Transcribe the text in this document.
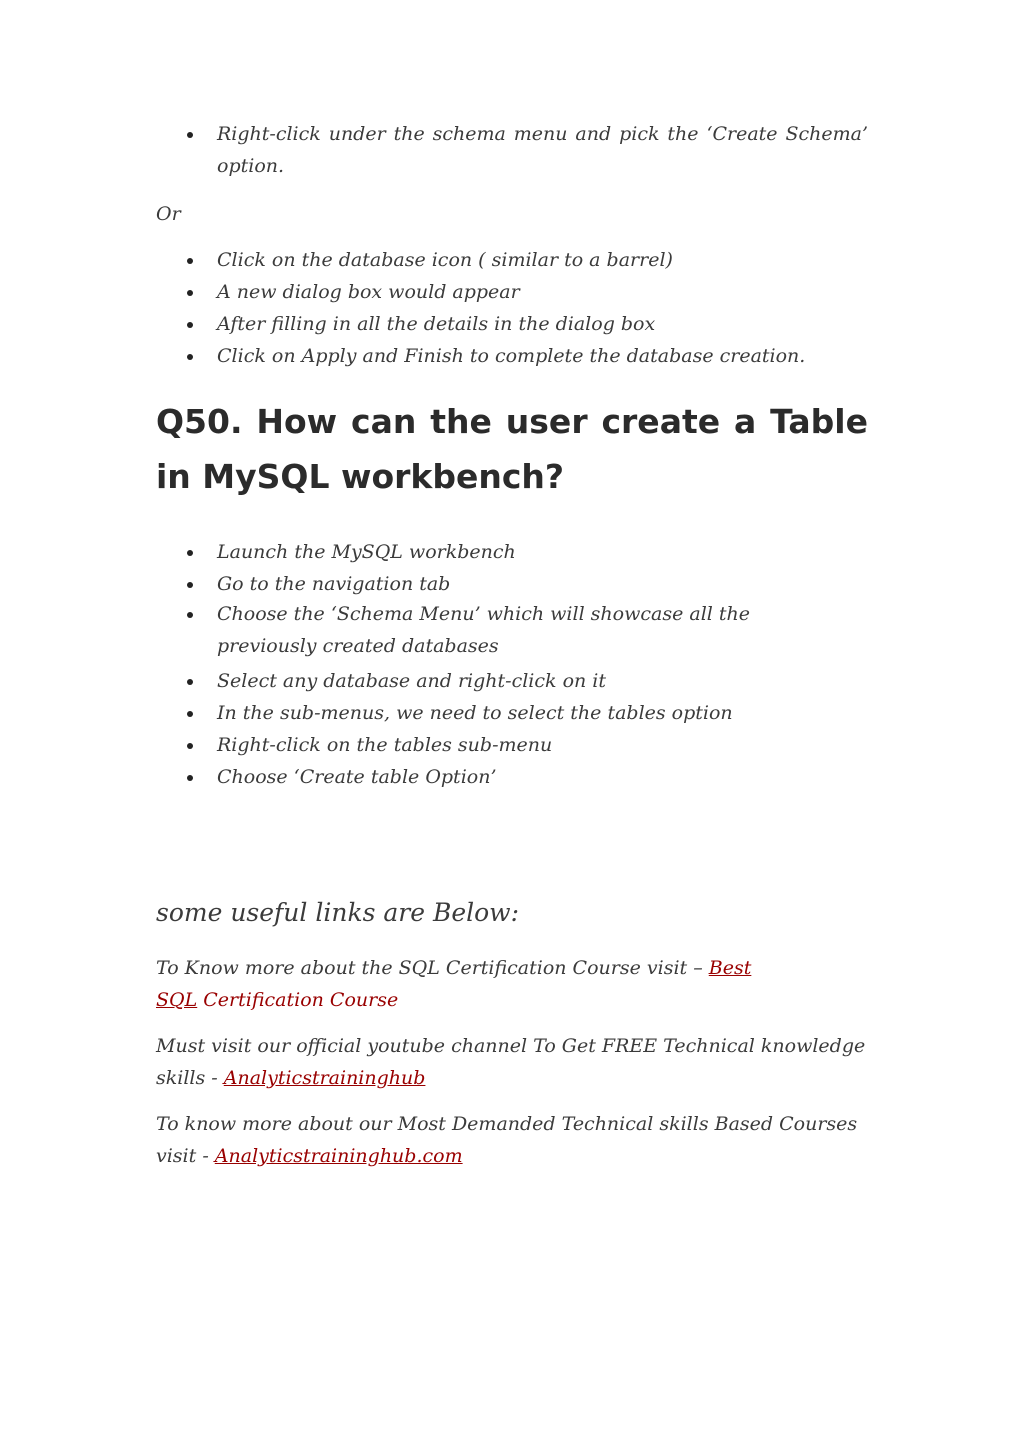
Right-click under the schema menu and pick the ‘Create Schema’ option.

Or

Click on the database icon ( similar to a barrel)
A new dialog box would appear
After filling in all the details in the dialog box
Click on Apply and Finish to complete the database creation.
Q50. How can the user create a Table in MySQL workbench?
Launch the MySQL workbench
Go to the navigation tab
Choose the ‘Schema Menu’ which will showcase all the previously created databases
Select any database and right-click on it
In the sub-menus, we need to select the tables option
Right-click on the tables sub-menu
Choose ‘Create table Option’

some useful links are Below:

To Know more about the SQL Certification Course visit – Best SQL Certification Course

Must visit our official youtube channel To Get FREE Technical knowledge skills - Analyticstraininghub

To know more about our Most Demanded Technical skills Based Courses visit - Analyticstraininghub.com
